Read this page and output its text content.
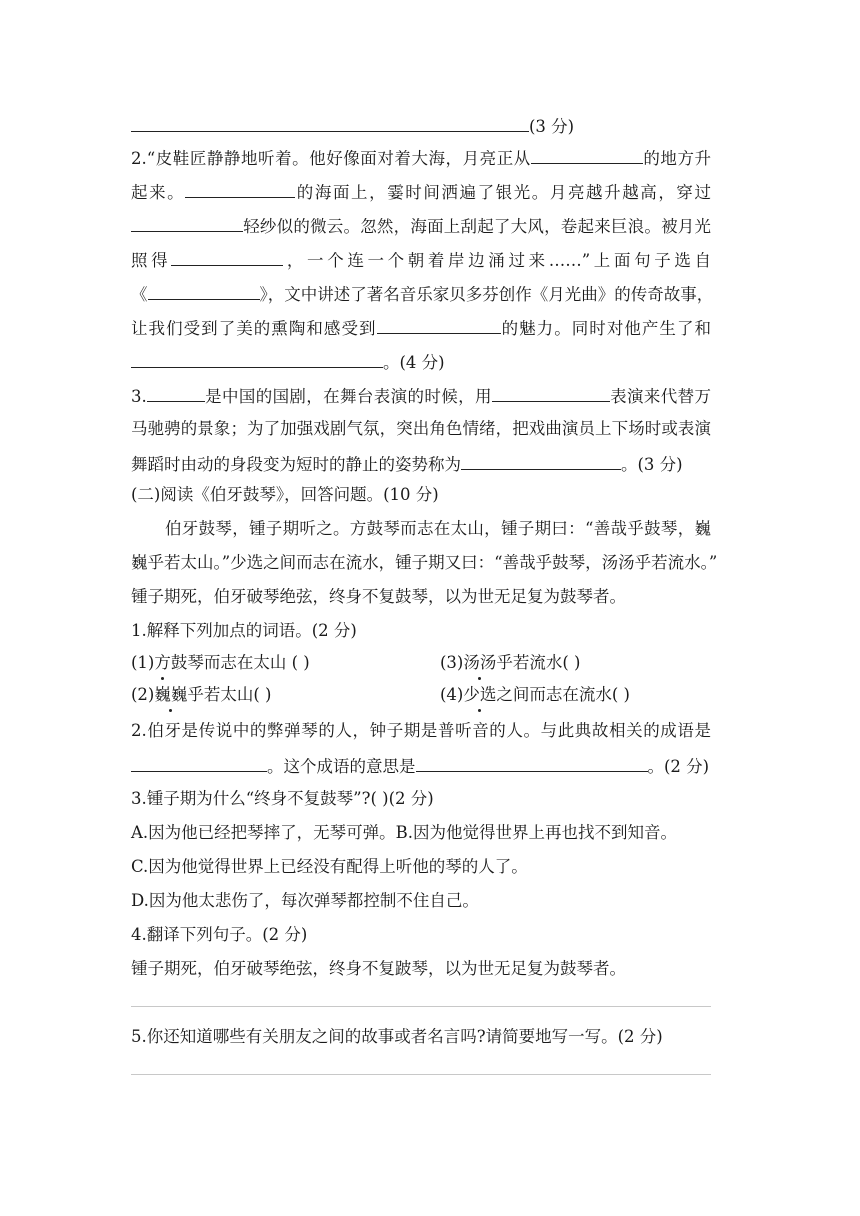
(3 分)
2.“皮鞋匠静静地听着。他好像面对着大海，月亮正从	的地方升
起来。	的海面上，霎时间洒遍了银光。月亮越升越高，穿过
轻纱似的微云。忽然，海面上刮起了大风，卷起来巨浪。被月光
照得	，一个连一个朝着岸边涌过来……”上面句子选自
《	》，文中讲述了著名音乐家贝多芬创作《月光曲》的传奇故事，
让我们受到了美的熏陶和感受到	的魅力。同时对他产生了和
。(4 分)
3.	是中国的国剧，在舞台表演的时候，用	表演来代替万
马驰骋的景象；为了加强戏剧气氛，突出角色情绪，把戏曲演员上下场时或表演
舞蹈时由动的身段变为短时的静止的姿势称为	。(3 分)
(二)阅读《伯牙鼓琴》，回答问题。(10 分)
伯牙鼓琴，锺子期听之。方鼓琴而志在太山，锺子期曰：“善哉乎鼓琴，巍
巍乎若太山。”少选之间而志在流水，锺子期又曰：“善哉乎鼓琴，汤汤乎若流水。”
锺子期死，伯牙破琴绝弦，终身不复鼓琴，以为世无足复为鼓琴者。
1.解释下列加点的词语。(2 分)
(1)方鼓琴而志在太山 ( )	(3)汤汤乎若流水( )
(2)巍巍乎若太山( )	(4)少选之间而志在流水( )
2.伯牙是传说中的弊弹琴的人，钟子期是普听音的人。与此典故相关的成语是
。这个成语的意思是	。(2 分)
3.锺子期为什么“终身不复鼓琴”?( )(2 分)
A.因为他已经把琴摔了，无琴可弹。B.因为他觉得世界上再也找不到知音。
C.因为他觉得世界上已经没有配得上听他的琴的人了。
D.因为他太悲伤了，每次弹琴都控制不住自己。
4.翻译下列句子。(2 分)
锺子期死，伯牙破琴绝弦，终身不复跛琴，以为世无足复为鼓琴者。
5.你还知道哪些有关朋友之间的故事或者名言吗?请简要地写一写。(2 分)
